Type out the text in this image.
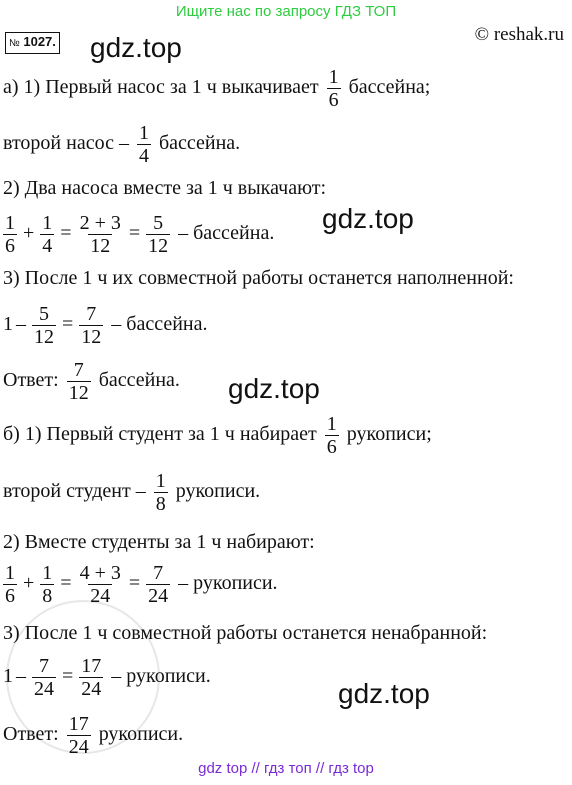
Ищите нас по запросу ГДЗ ТОП
© reshak.ru
№ 1027. gdz.top
gdz.top
gdz.top
gdz.top
а) 1) Первый насос за 1 ч выкачивает $\frac{1}{6}$ бассейна;
второй насос – $\frac{1}{4}$ бассейна.
2) Два насоса вместе за 1 ч выкачают:
$\frac{1}{6} + \frac{1}{4} = \frac{2 + 3}{12} = \frac{5}{12}$ – бассейна.
3) После 1 ч их совместной работы останется наполненной:
$1 - \frac{5}{12} = \frac{7}{12}$ – бассейна.
Ответ: $\frac{7}{12}$ бассейна.
б) 1) Первый студент за 1 ч набирает $\frac{1}{6}$ рукописи;
второй студент – $\frac{1}{8}$ рукописи.
2) Вместе студенты за 1 ч набирают:
$\frac{1}{6} + \frac{1}{8} = \frac{4 + 3}{24} = \frac{7}{24}$ – рукописи.
3) После 1 ч совместной работы останется ненабранной:
$1 - \frac{7}{24} = \frac{17}{24}$ – рукописи.
Ответ: $\frac{17}{24}$ рукописи.
gdz top // гдз топ // гдз top
